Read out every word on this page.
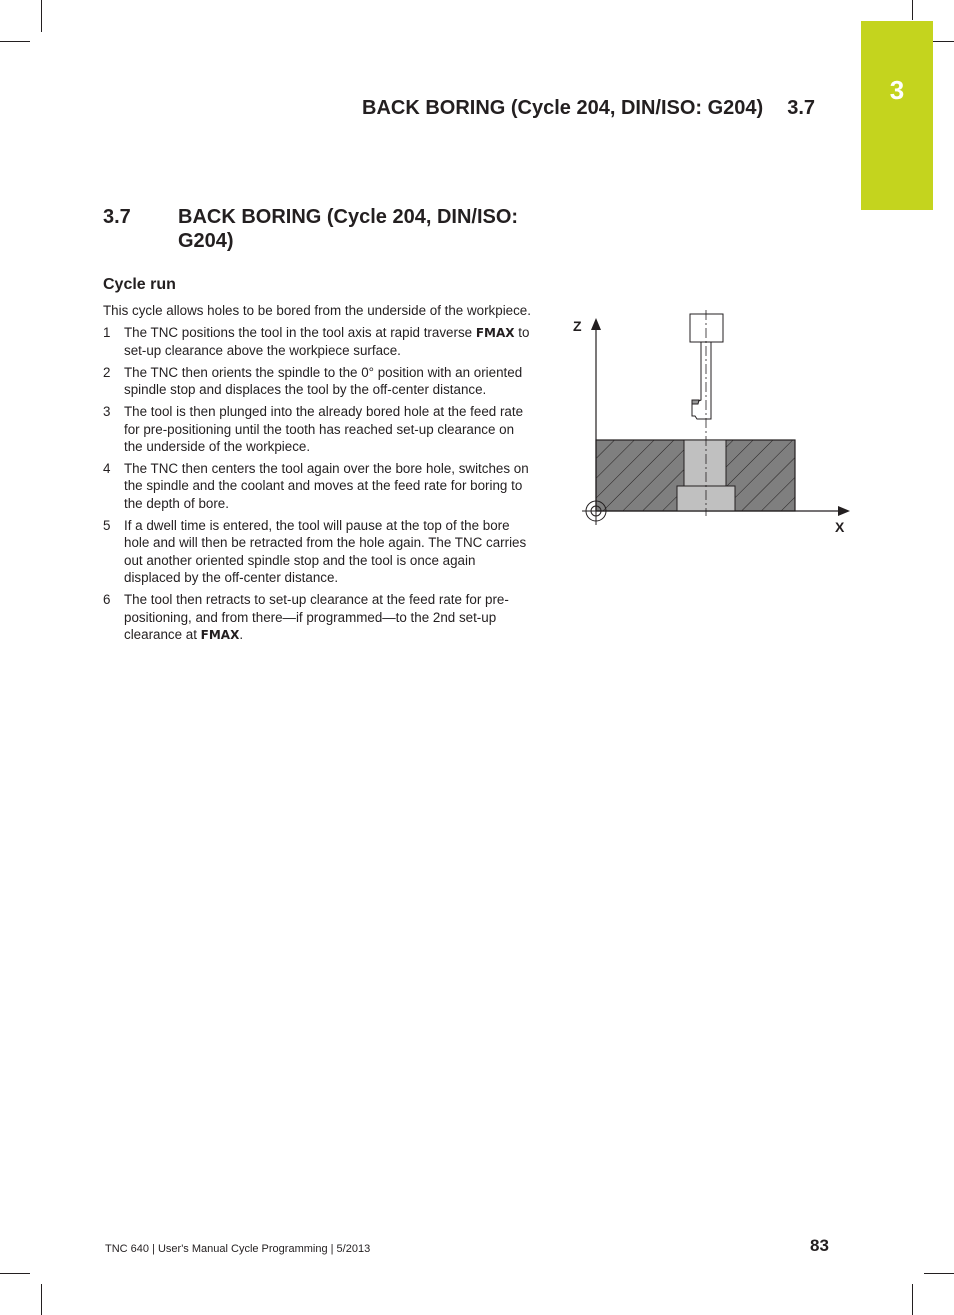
3
BACK BORING (Cycle 204, DIN/ISO: G204) 3.7
3.7 BACK BORING (Cycle 204, DIN/ISO: G204)
Cycle run

This cycle allows holes to be bored from the underside of the workpiece.

1 The TNC positions the tool in the tool axis at rapid traverse FMAX to set-up clearance above the workpiece surface.
2 The TNC then orients the spindle to the 0° position with an oriented spindle stop and displaces the tool by the off-center distance.
3 The tool is then plunged into the already bored hole at the feed rate for pre-positioning until the tooth has reached set-up clearance on the underside of the workpiece.
4 The TNC then centers the tool again over the bore hole, switches on the spindle and the coolant and moves at the feed rate for boring to the depth of bore.
5 If a dwell time is entered, the tool will pause at the top of the bore hole and will then be retracted from the hole again. The TNC carries out another oriented spindle stop and the tool is once again displaced by the off-center distance.
6 The tool then retracts to set-up clearance at the feed rate for pre-positioning, and from there—if programmed—to the 2nd set-up clearance at FMAX.
Z
X
TNC 640 | User's Manual Cycle Programming | 5/2013	83
